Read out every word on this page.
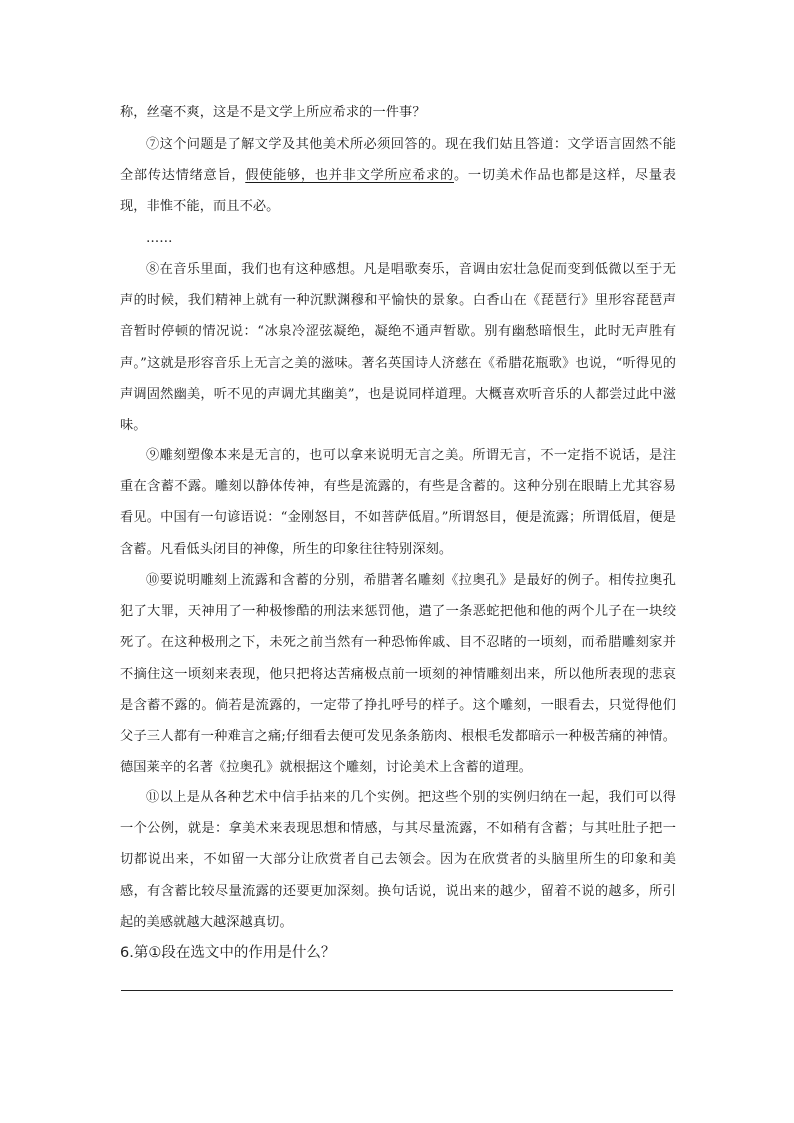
称，丝毫不爽，这是不是文学上所应希求的一件事？

⑦这个问题是了解文学及其他美术所必须回答的。现在我们姑且答道：文学语言固然不能全部传达情绪意旨，假使能够，也并非文学所应希求的。一切美术作品也都是这样，尽量表现，非惟不能，而且不必。

……

⑧在音乐里面，我们也有这种感想。凡是唱歌奏乐，音调由宏壮急促而变到低微以至于无声的时候，我们精神上就有一种沉默渊穆和平愉快的景象。白香山在《琵琶行》里形容琵琶声音暂时停顿的情况说：“冰泉冷涩弦凝绝，凝绝不通声暂歇。别有幽愁暗恨生，此时无声胜有声。”这就是形容音乐上无言之美的滋味。著名英国诗人济慈在《希腊花瓶歌》也说，“听得见的声调固然幽美，听不见的声调尤其幽美”，也是说同样道理。大概喜欢听音乐的人都尝过此中滋味。

⑨雕刻塑像本来是无言的，也可以拿来说明无言之美。所谓无言，不一定指不说话，是注重在含蓄不露。雕刻以静体传神，有些是流露的，有些是含蓄的。这种分别在眼睛上尤其容易看见。中国有一句谚语说：“金刚怒目，不如菩萨低眉。”所谓怒目，便是流露；所谓低眉，便是含蓄。凡看低头闭目的神像，所生的印象往往特别深刻。

⑩要说明雕刻上流露和含蓄的分别，希腊著名雕刻《拉奥孔》是最好的例子。相传拉奥孔犯了大罪，天神用了一种极惨酷的刑法来惩罚他，遣了一条恶蛇把他和他的两个儿子在一块绞死了。在这种极刑之下，未死之前当然有一种恐怖侔戚、目不忍睹的一顷刻，而希腊雕刻家并不摘住这一顷刻来表现，他只把将达苦痛极点前一顷刻的神情雕刻出来，所以他所表现的悲哀是含蓄不露的。倘若是流露的，一定带了挣扎呼号的样子。这个雕刻，一眼看去，只觉得他们父子三人都有一种难言之痛;仔细看去便可发见条条筋肉、根根毛发都暗示一种极苦痛的神情。德国莱辛的名著《拉奥孔》就根据这个雕刻，讨论美术上含蓄的道理。

⑪以上是从各种艺术中信手拈来的几个实例。把这些个别的实例归纳在一起，我们可以得一个公例，就是：拿美术来表现思想和情感，与其尽量流露，不如稍有含蓄；与其吐肚子把一切都说出来，不如留一大部分让欣赏者自己去领会。因为在欣赏者的头脑里所生的印象和美感，有含蓄比较尽量流露的还要更加深刻。换句话说，说出来的越少，留着不说的越多，所引起的美感就越大越深越真切。

6.第①段在选文中的作用是什么？
